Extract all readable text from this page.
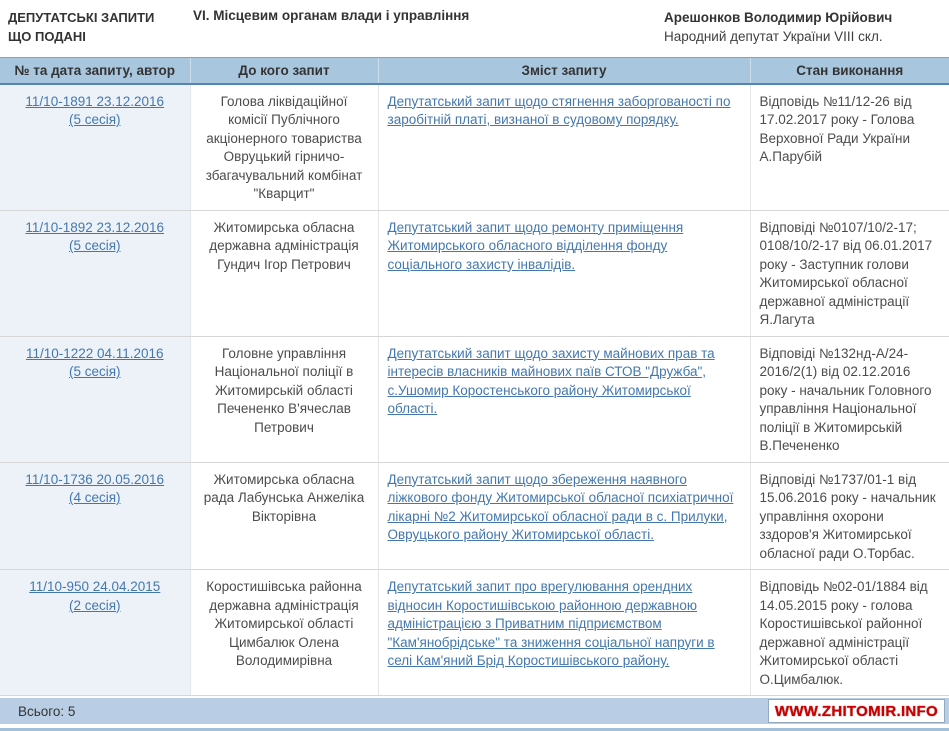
ДЕПУТАТСЬКІ ЗАПИТИ
ЩО ПОДАНІ
VI. Місцевим органам влади і управління	Арешонков Володимир Юрійович
Народний депутат України VIII скл.
№ та дата запиту, автор	До кого запит	Зміст запиту	Стан виконання

11/10-1891 23.12.2016
(5 сесія)	Голова ліквідаційної комісії Публічного акціонерного товариства Овруцький гірничо-збагачувальний комбінат "Кварцит"	Депутатський запит щодо стягнення заборгованості по заробітній платі, визнаної в судовому порядку.	Відповідь №11/12-26 від 17.02.2017 року - Голова Верховної Ради України А.Парубій

11/10-1892 23.12.2016
(5 сесія)	Житомирська обласна державна адміністрація Гундич Ігор Петрович	Депутатський запит щодо ремонту приміщення Житомирського обласного відділення фонду соціального захисту інвалідів.	Відповіді №0107/10/2-17; 0108/10/2-17 від 06.01.2017 року - Заступник голови Житомирської обласної державної адміністрації Я.Лагута

11/10-1222 04.11.2016
(5 сесія)	Головне управління Національної поліції в Житомирській області Печененко В'ячеслав Петрович	Депутатський запит щодо захисту майнових прав та інтересів власників майнових паїв СТОВ "Дружба", с.Ушомир Коростенського району Житомирської області.	Відповіді №132нд-А/24-2016/2(1) від 02.12.2016 року - начальник Головного управління Національної поліції в Житомирській В.Печененко

11/10-1736 20.05.2016
(4 сесія)	Житомирська обласна рада Лабунська Анжеліка Вікторівна	Депутатський запит щодо збереження наявного ліжкового фонду Житомирської обласної психіатричної лікарні №2 Житомирської обласної ради в с. Прилуки, Овруцького району Житомирської області.	Відповіді №1737/01-1 від 15.06.2016 року - начальник управління охорони зздоров'я Житомирської обласної ради О.Торбас.

11/10-950 24.04.2015
(2 сесія)	Коростишівська районна державна адміністрація Житомирської області Цимбалюк Олена Володимирівна	Депутатський запит про врегулювання орендних відносин Коростишівською районною державною адміністрацією з Приватним підприємством "Кам'янобрідське" та зниження соціальної напруги в селі Кам'яний Брід Коростишівського району.	Відповідь №02-01/1884 від 14.05.2015 року - голова Коростишівської районної державної адміністрації Житомирської області О.Цимбалюк.
Всього: 5	WWW.ZHITOMIR.INFO
